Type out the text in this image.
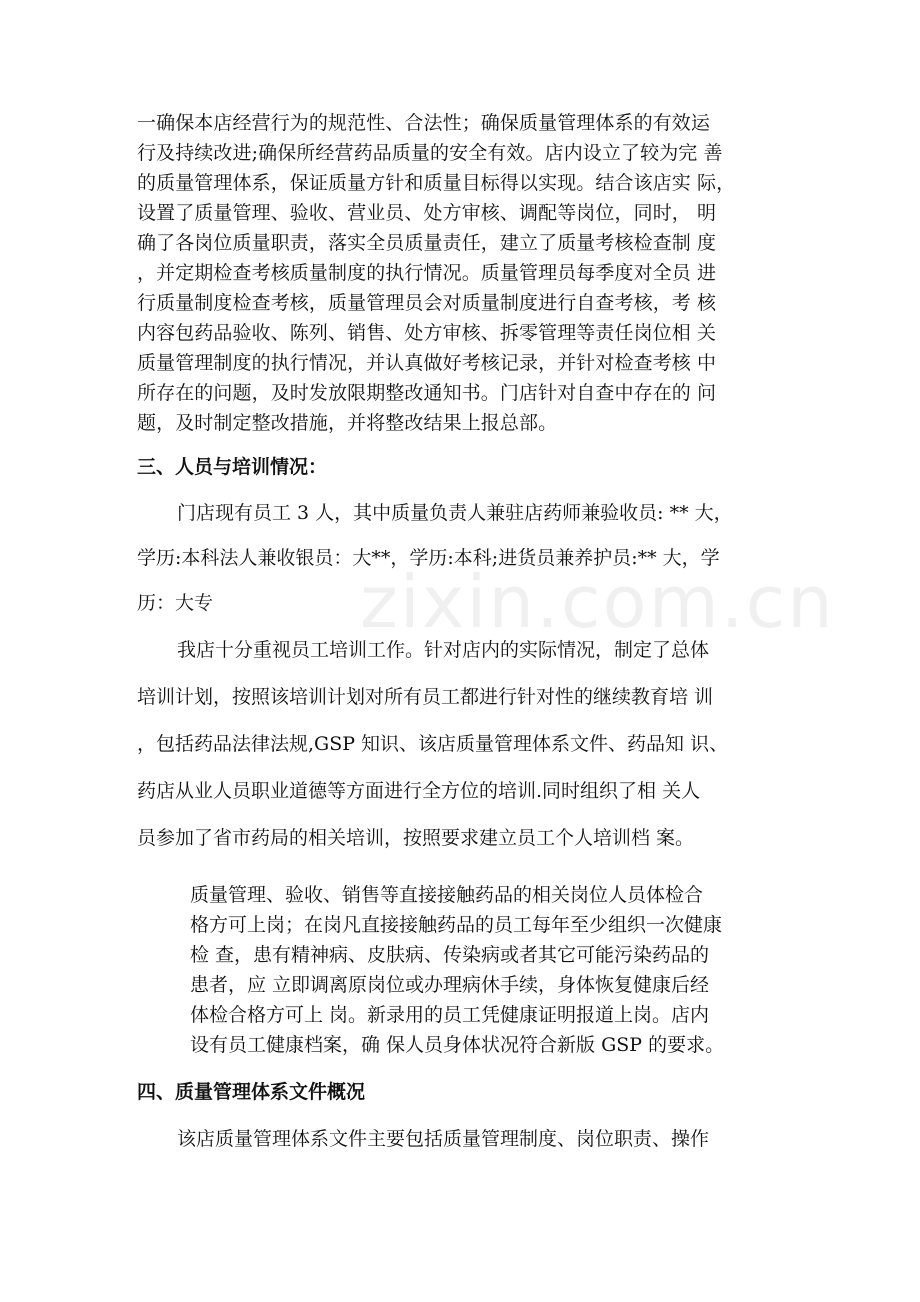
zixin.com.cn
一确保本店经营行为的规范性、合法性；确保质量管理体系的有效运
行及持续改进;确保所经营药品质量的安全有效。店内设立了较为完 善
的质量管理体系，保证质量方针和质量目标得以实现。结合该店实 际，
设置了质量管理、验收、营业员、处方审核、调配等岗位，同时， 明
确了各岗位质量职责，落实全员质量责任，建立了质量考核检查制 度
，并定期检查考核质量制度的执行情况。质量管理员每季度对全员 进
行质量制度检查考核，质量管理员会对质量制度进行自查考核，考 核
内容包药品验收、陈列、销售、处方审核、拆零管理等责任岗位相 关
质量管理制度的执行情况，并认真做好考核记录，并针对检查考核 中
所存在的问题，及时发放限期整改通知书。门店针对自查中存在的 问
题，及时制定整改措施，并将整改结果上报总部。
三、人员与培训情况：
门店现有员工 3 人，其中质量负责人兼驻店药师兼验收员: ** 大，
学历:本科法人兼收银员：大**，学历:本科;进货员兼养护员:** 大，学
历：大专
我店十分重视员工培训工作。针对店内的实际情况，制定了总体
培训计划，按照该培训计划对所有员工都进行针对性的继续教育培 训
，包括药品法律法规,GSP 知识、该店质量管理体系文件、药品知 识、
药店从业人员职业道德等方面进行全方位的培训.同时组织了相 关人
员参加了省市药局的相关培训，按照要求建立员工个人培训档 案。
质量管理、验收、销售等直接接触药品的相关岗位人员体检合
格方可上岗；在岗凡直接接触药品的员工每年至少组织一次健康
检 查，患有精神病、皮肤病、传染病或者其它可能污染药品的
患者，应 立即调离原岗位或办理病休手续，身体恢复健康后经
体检合格方可上 岗。新录用的员工凭健康证明报道上岗。店内
设有员工健康档案，确 保人员身体状况符合新版 GSP 的要求。
四、质量管理体系文件概况
该店质量管理体系文件主要包括质量管理制度、岗位职责、操作
